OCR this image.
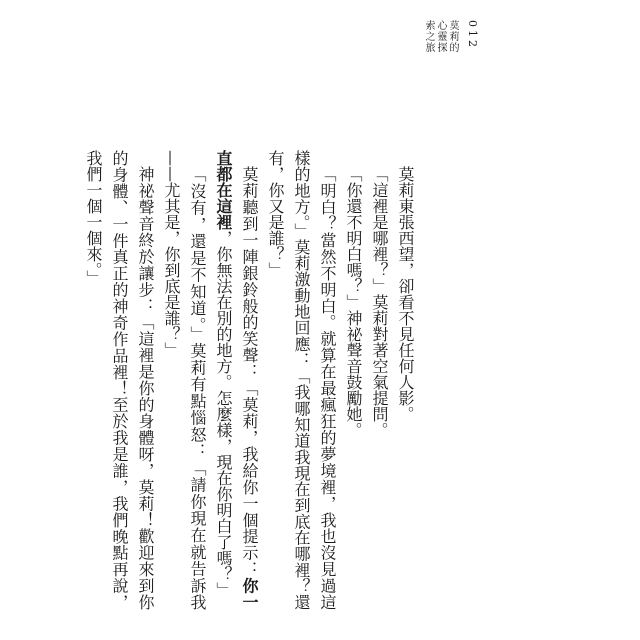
莫莉的心靈探索之旅	012

莫莉東張西望，卻看不見任何人影。

「這裡是哪裡？」莫莉對著空氣提問。

「你還不明白嗎？」神祕聲音鼓勵她。

「明白？當然不明白。就算在最瘋狂的夢境裡，我也沒見過這樣的地方。」莫莉激動地回應：「我哪知道我現在到底在哪裡？還有，你又是誰？」

莫莉聽到一陣銀鈴般的笑聲：「莫莉，我給你一個提示：你一直都在這裡，你無法在別的地方。怎麼樣，現在你明白了嗎？」

「沒有，還是不知道。」莫莉有點惱怒：「請你現在就告訴我——尤其是，你到底是誰？」

神祕聲音終於讓步：「這裡是你的身體呀，莫莉！歡迎來到你的身體、一件真正的神奇作品裡！至於我是誰，我們晚點再說，我們一個一個來。」
